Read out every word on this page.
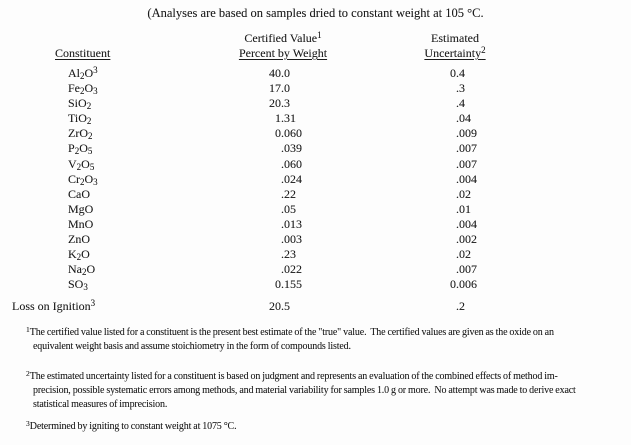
(Analyses are based on samples dried to constant weight at 105 °C.
Constituent
Certified Value$^1$
Percent by Weight
Estimated
Uncertainty$^2$
$Al_2O^3$	40.0	0.4
$Fe_2O_3$	17.0	.3
SiO$_2$	20.3	.4
TiO$_2$	1.31	.04
ZrO$_2$	0.060	.009
$P_2O_5$	.039	.007
$V_2O_5$	.060	.007
$Cr_2O_3$	.024	.004
CaO	.22	.02
MgO	.05	.01
MnO	.013	.004
ZnO	.003	.002
$K_2O$	.23	.02
$Na_2O$	.022	.007
$SO_3$	0.155	0.006
Loss on Ignition$^3$	20.5	.2
$^1$The certified value listed for a constituent is the present best estimate of the "true" value.  The certified values are given as the oxide on an
equivalent weight basis and assume stoichiometry in the form of compounds listed.
$^2$The estimated uncertainty listed for a constituent is based on judgment and represents an evaluation of the combined effects of method im-
precision, possible systematic errors among methods, and material variability for samples 1.0 g or more.  No attempt was made to derive exact
statistical measures of imprecision.
$^3$Determined by igniting to constant weight at 1075 °C.
